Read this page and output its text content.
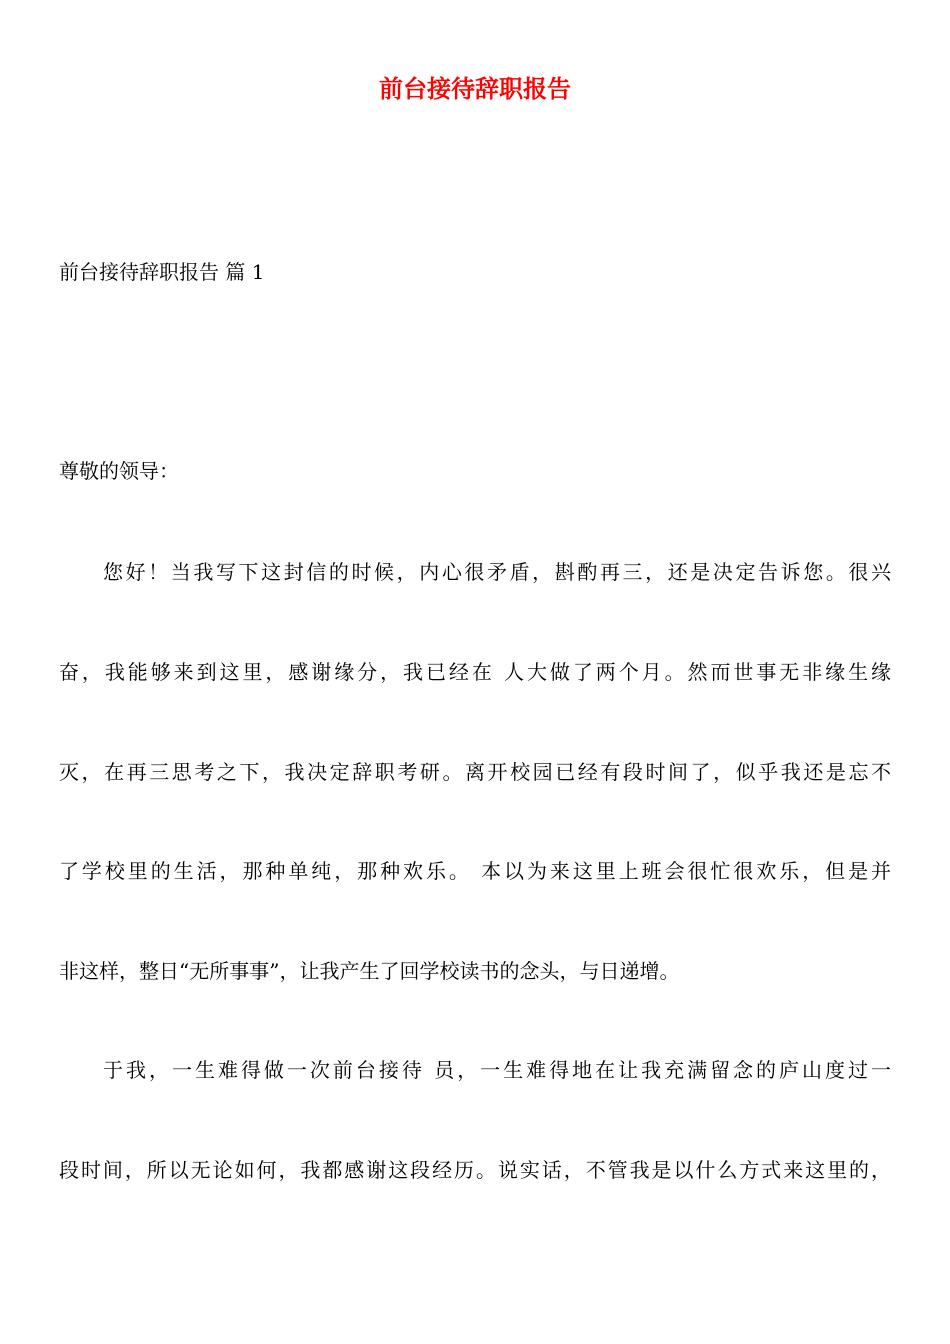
前台接待辞职报告

前台接待辞职报告 篇 1

尊敬的领导：

您好！当我写下这封信的时候，内心很矛盾，斟酌再三，还是决定告诉您。很兴

奋，我能够来到这里，感谢缘分，我已经在 人大做了两个月。然而世事无非缘生缘

灭，在再三思考之下，我决定辞职考研。离开校园已经有段时间了，似乎我还是忘不

了学校里的生活，那种单纯，那种欢乐。 本以为来这里上班会很忙很欢乐，但是并

非这样，整日“无所事事”，让我产生了回学校读书的念头，与日递增。

于我，一生难得做一次前台接待 员，一生难得地在让我充满留念的庐山度过一

段时间，所以无论如何，我都感谢这段经历。说实话，不管我是以什么方式来这里的，
